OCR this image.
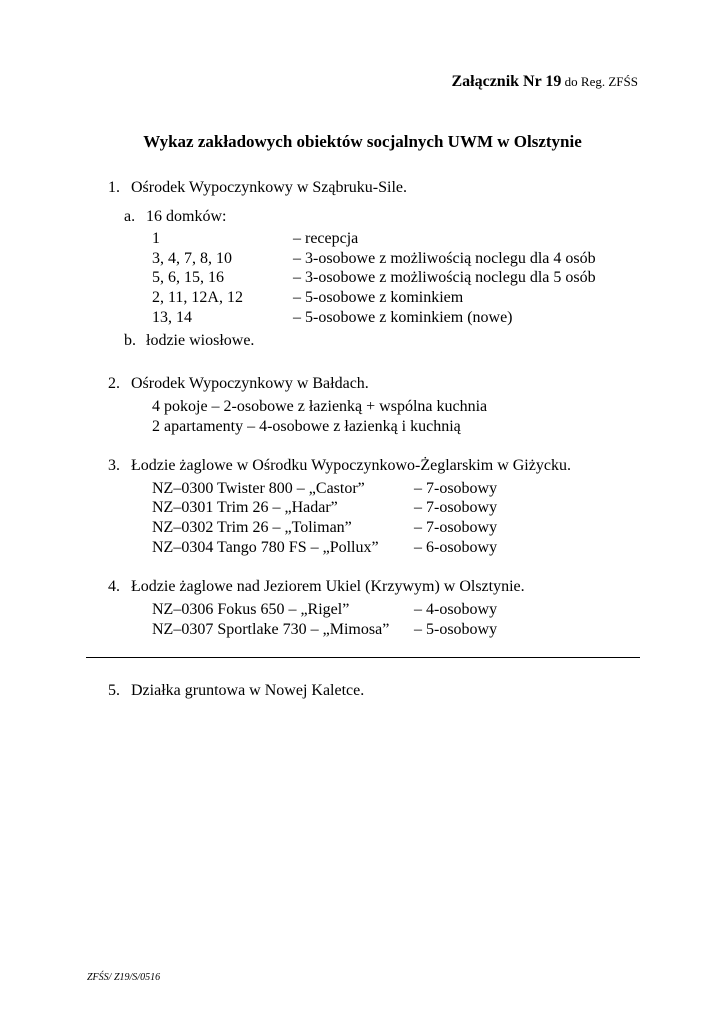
Załącznik Nr 19 do Reg. ZFŚS
Wykaz zakładowych obiektów socjalnych UWM w Olsztynie
1. Ośrodek Wypoczynkowy w Sząbruku-Sile.
a. 16 domków:
1	– recepcja
3, 4, 7, 8, 10	– 3-osobowe z możliwością noclegu dla 4 osób
5, 6, 15, 16	– 3-osobowe z możliwością noclegu dla 5 osób
2, 11, 12A, 12	– 5-osobowe z kominkiem
13, 14	– 5-osobowe z kominkiem (nowe)
b. łodzie wiosłowe.
2. Ośrodek Wypoczynkowy w Bałdach.
4 pokoje – 2-osobowe z łazienką + wspólna kuchnia
2 apartamenty – 4-osobowe z łazienką i kuchnią
3. Łodzie żaglowe w Ośrodku Wypoczynkowo-Żeglarskim w Giżycku.
NZ–0300 Twister 800 – „Castor”	– 7-osobowy
NZ–0301 Trim 26 – „Hadar”	– 7-osobowy
NZ–0302 Trim 26 – „Toliman”	– 7-osobowy
NZ–0304 Tango 780 FS – „Pollux” – 6-osobowy
4. Łodzie żaglowe nad Jeziorem Ukiel (Krzywym) w Olsztynie.
NZ–0306 Fokus 650 – „Rigel”	– 4-osobowy
NZ–0307 Sportlake 730 – „Mimosa” – 5-osobowy
5. Działka gruntowa w Nowej Kaletce.
ZFŚS/ Z19/S/0516
